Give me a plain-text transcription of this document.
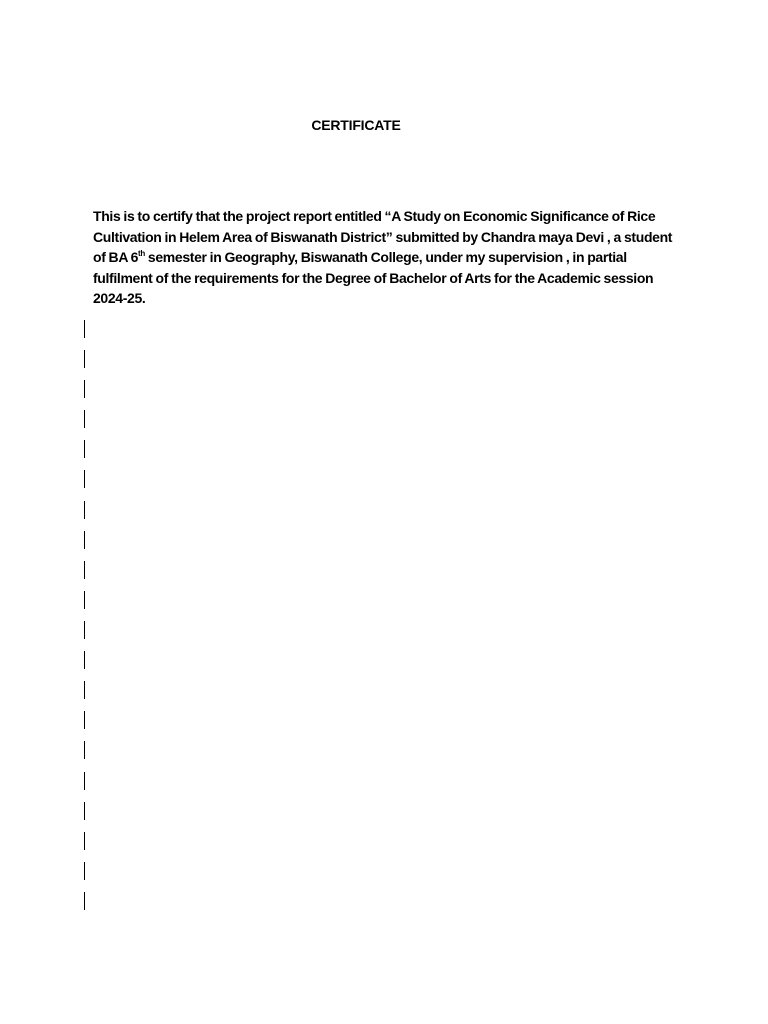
CERTIFICATE

This is to certify that the project report entitled “A Study on Economic Significance of Rice Cultivation in Helem Area of Biswanath District” submitted by Chandra maya Devi , a student of BA 6th semester in Geography, Biswanath College, under my supervision , in partial fulfilment of the requirements for the Degree of Bachelor of Arts for the Academic session 2024-25.
